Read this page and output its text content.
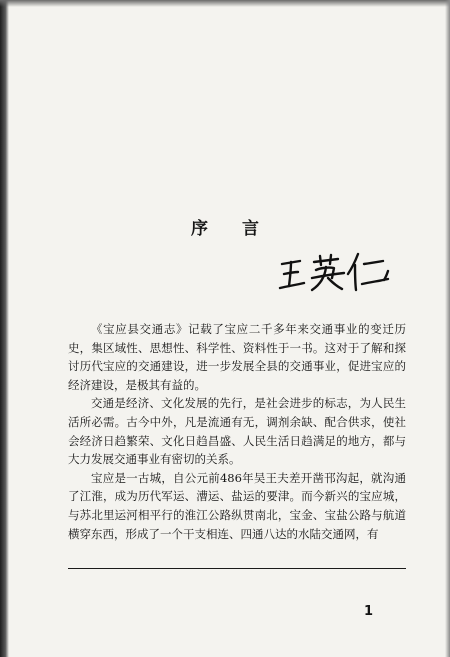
序 言

《宝应县交通志》记载了宝应二千多年来交通事业的变迁历史，集区域性、思想性、科学性、资料性于一书。这对于了解和探讨历代宝应的交通建设，进一步发展全县的交通事业，促进宝应的经济建设，是极其有益的。

交通是经济、文化发展的先行，是社会进步的标志，为人民生活所必需。古今中外，凡是流通有无，调剂余缺、配合供求，使社会经济日趋繁荣、文化日趋昌盛、人民生活日趋满足的地方，都与大力发展交通事业有密切的关系。

宝应是一古城，自公元前486年吴王夫差开凿邗沟起，就沟通了江淮，成为历代军运、漕运、盐运的要津。而今新兴的宝应城，与苏北里运河相平行的淮江公路纵贯南北，宝金、宝盐公路与航道横穿东西，形成了一个干支相连、四通八达的水陆交通网，有

1
